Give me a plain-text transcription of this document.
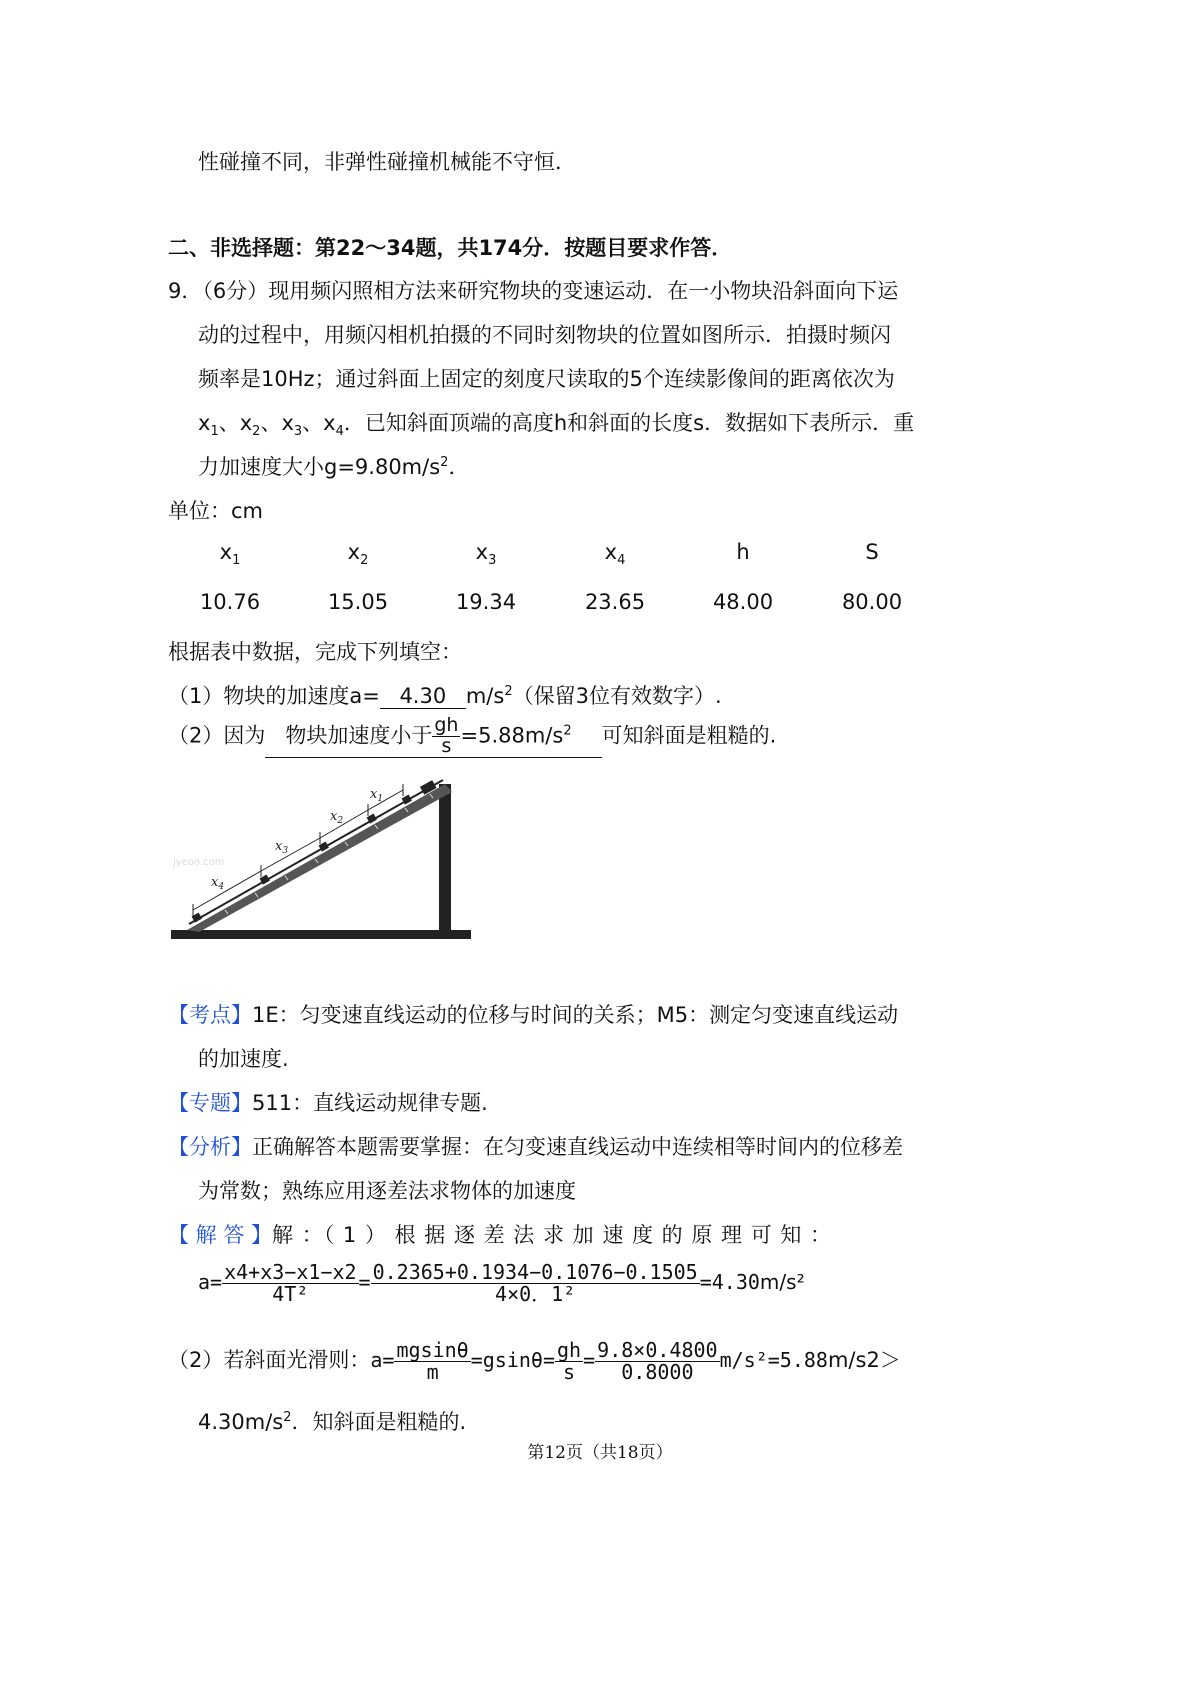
性碰撞不同，非弹性碰撞机械能不守恒．
二、非选择题：第22～34题，共174分．按题目要求作答．
9．（6分）现用频闪照相方法来研究物块的变速运动．在一小物块沿斜面向下运
动的过程中，用频闪相机拍摄的不同时刻物块的位置如图所示．拍摄时频闪
频率是10Hz；通过斜面上固定的刻度尺读取的5个连续影像间的距离依次为
$x_1$、$x_2$、$x_3$、$x_4$．已知斜面顶端的高度h和斜面的长度s．数据如下表所示．重
力加速度大小$g=9.80m/s^2$．
单位：cm
$x_1$	$x_2$	$x_3$	$x_4$	h	S
10.76	15.05	19.34	23.65	48.00	80.00
根据表中数据，完成下列填空：
（1）物块的加速度a= 4.30 $m/s^2$（保留3位有效数字）.
（2）因为 物块加速度小于 $\frac{gh}{s} =5.88m/s^2$ 可知斜面是粗糙的.
$x_4$
$x_3$
$x_2$
$x_1$
jyeoo.com
【考点】1E：匀变速直线运动的位移与时间的关系；M5：测定匀变速直线运动
的加速度.
【专题】511：直线运动规律专题.
【分析】正确解答本题需要掌握：在匀变速直线运动中连续相等时间内的位移差
为常数；熟练应用逐差法求物体的加速度
【 解 答 】解 ：（ 1 ） 根 据 逐 差 法 求 加 速 度 的 原 理 可 知 ：
$a= \frac{x4+x3-x1-x2}{\text{4T²}} = \frac{0.2365+0.1934-0.1076-0.1505}{\text{4×0．1²}} =4.30m/s^2$
（2）若斜面光滑则：$a= \frac{mgsin\theta}{m} =gsin\theta= \frac{gh}{s} = \frac{9.8\times 0.4800}{0.8000} m/s^2=5.88m/s2>$
$4.30m/s^2$．知斜面是粗糙的.
第12页（共18页）
